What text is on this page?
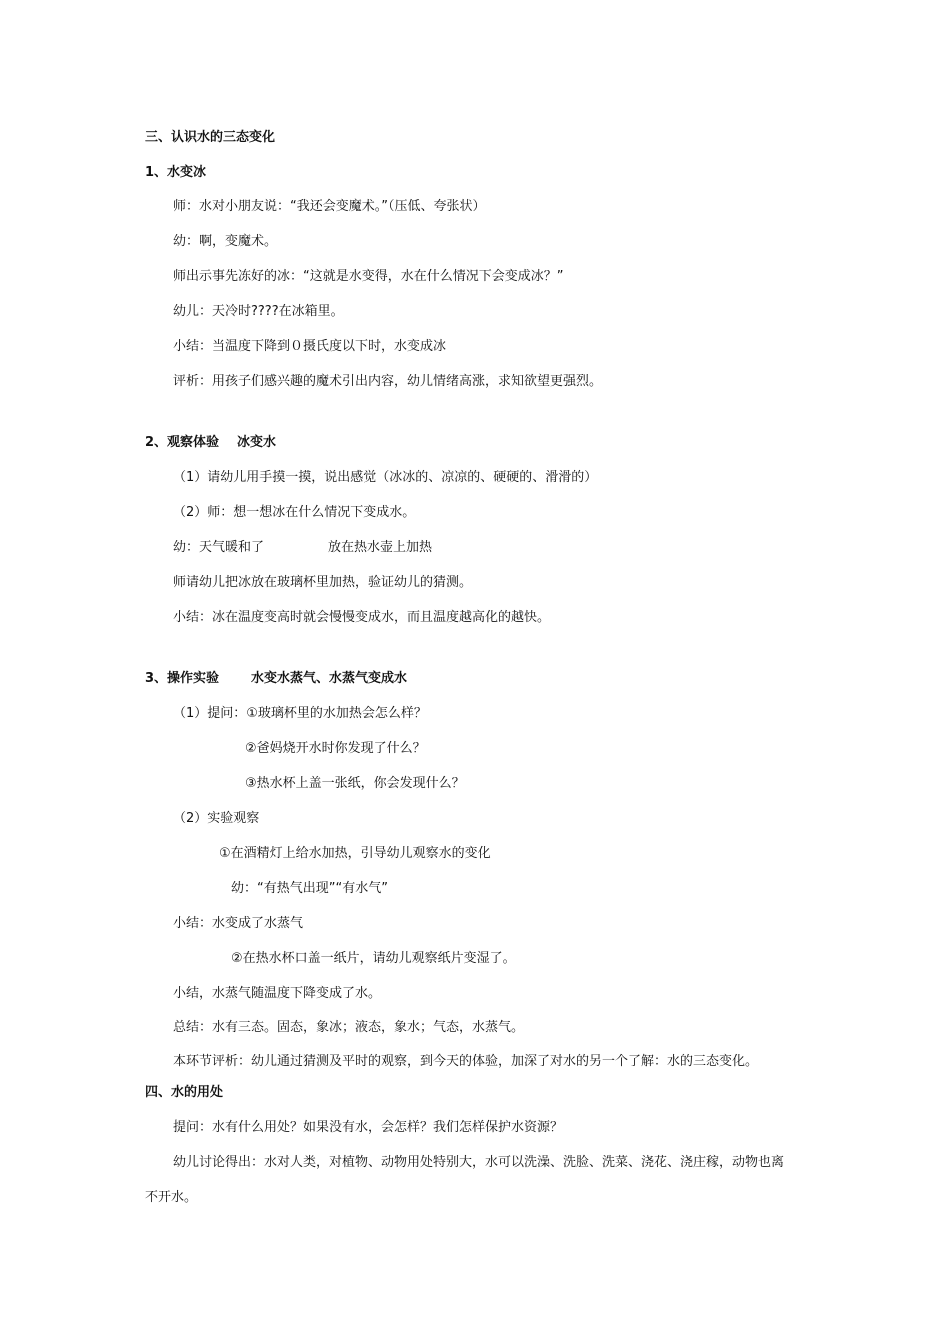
三、认识水的三态变化
1、水变冰
师：水对小朋友说：“我还会变魔术。”（压低、夸张状）
幼：啊，变魔术。
师出示事先冻好的冰：“这就是水变得，水在什么情况下会变成冰？”
幼儿：天冷时????在冰箱里。
小结：当温度下降到０摄氏度以下时，水变成冰
评析：用孩子们感兴趣的魔术引出内容，幼儿情绪高涨，求知欲望更强烈。
2、观察体验 冰变水
（1）请幼儿用手摸一摸，说出感觉（冰冰的、凉凉的、硬硬的、滑滑的）
（2）师：想一想冰在什么情况下变成水。
幼：天气暖和了	放在热水壶上加热
师请幼儿把冰放在玻璃杯里加热，验证幼儿的猜测。
小结：冰在温度变高时就会慢慢变成水，而且温度越高化的越快。
3、操作实验 水变水蒸气、水蒸气变成水
（1）提问：①玻璃杯里的水加热会怎么样？
②爸妈烧开水时你发现了什么？
③热水杯上盖一张纸，你会发现什么？
（2）实验观察
①在酒精灯上给水加热，引导幼儿观察水的变化
幼：“有热气出现”“有水气”
小结：水变成了水蒸气
②在热水杯口盖一纸片，请幼儿观察纸片变湿了。
小结，水蒸气随温度下降变成了水。
总结：水有三态。固态，象冰；液态，象水；气态，水蒸气。
本环节评析：幼儿通过猜测及平时的观察，到今天的体验，加深了对水的另一个了解：水的三态变化。
四、水的用处
提问：水有什么用处？如果没有水，会怎样？我们怎样保护水资源？
幼儿讨论得出：水对人类，对植物、动物用处特别大，水可以洗澡、洗脸、洗菜、浇花、浇庄稼，动物也离
不开水。
